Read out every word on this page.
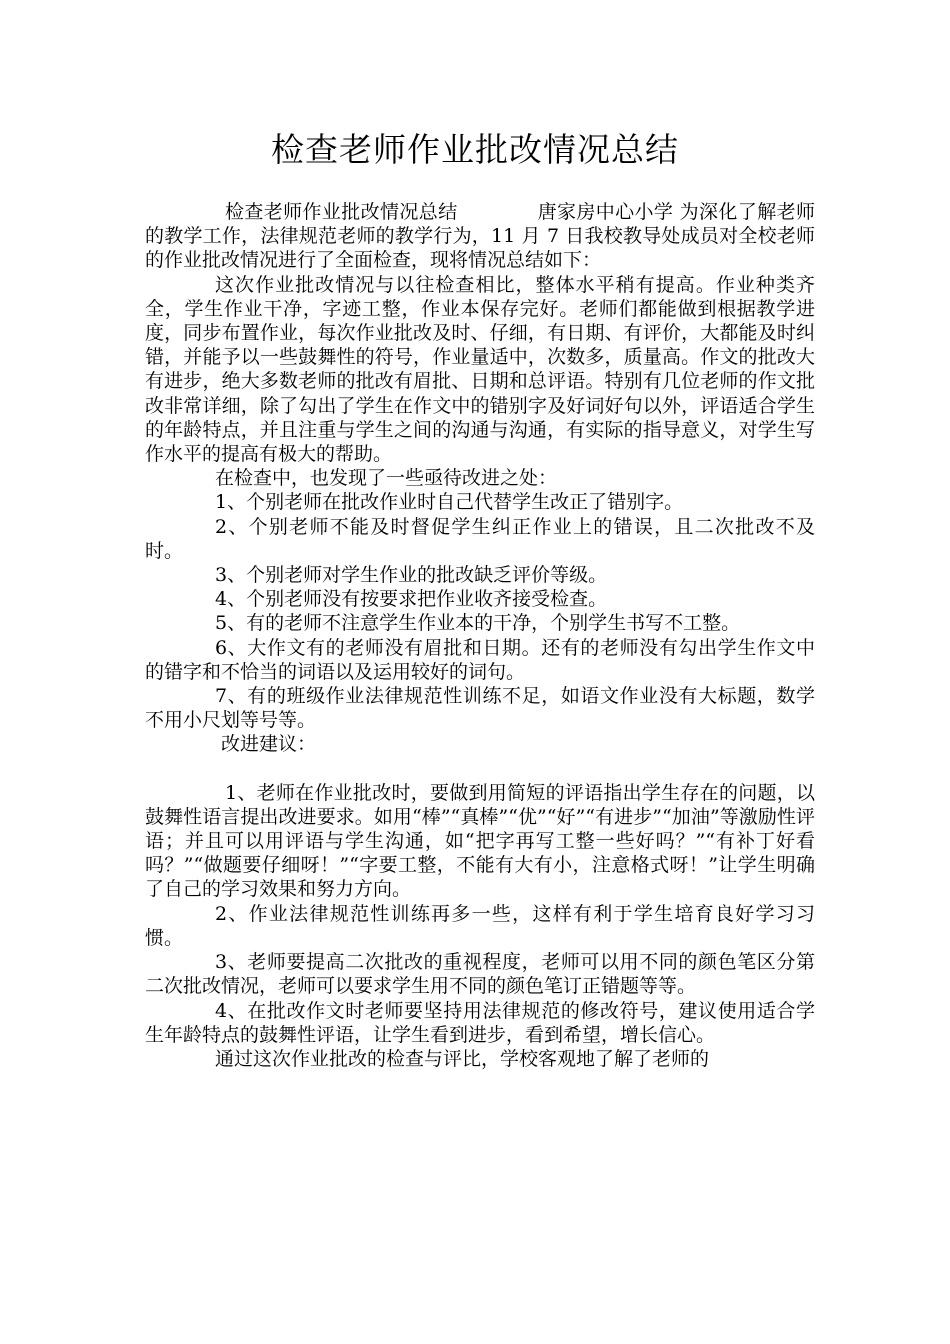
检查老师作业批改情况总结

检查老师作业批改情况总结	唐家房中心小学 为深化了解老师的教学工作，法律规范老师的教学行为，11 月 7 日我校教导处成员对全校老师的作业批改情况进行了全面检查，现将情况总结如下：

这次作业批改情况与以往检查相比，整体水平稍有提高。作业种类齐全，学生作业干净，字迹工整，作业本保存完好。老师们都能做到根据教学进度，同步布置作业，每次作业批改及时、仔细，有日期、有评价，大都能及时纠错，并能予以一些鼓舞性的符号，作业量适中，次数多，质量高。作文的批改大有进步，绝大多数老师的批改有眉批、日期和总评语。特别有几位老师的作文批改非常详细，除了勾出了学生在作文中的错别字及好词好句以外，评语适合学生的年龄特点，并且注重与学生之间的沟通与沟通，有实际的指导意义，对学生写作水平的提高有极大的帮助。

在检查中，也发现了一些亟待改进之处：

1、个别老师在批改作业时自己代替学生改正了错别字。

2、个别老师不能及时督促学生纠正作业上的错误，且二次批改不及时。

3、个别老师对学生作业的批改缺乏评价等级。

4、个别老师没有按要求把作业收齐接受检查。

5、有的老师不注意学生作业本的干净，个别学生书写不工整。

6、大作文有的老师没有眉批和日期。还有的老师没有勾出学生作文中的错字和不恰当的词语以及运用较好的词句。

7、有的班级作业法律规范性训练不足，如语文作业没有大标题，数学不用小尺划等号等。

改进建议：

1、老师在作业批改时，要做到用简短的评语指出学生存在的问题，以鼓舞性语言提出改进要求。如用“棒”“真棒”“优”“好”“有进步”“加油”等激励性评语；并且可以用评语与学生沟通，如“把字再写工整一些好吗？”“有补丁好看吗？”“做题要仔细呀！”“字要工整，不能有大有小，注意格式呀！”让学生明确了自己的学习效果和努力方向。

2、作业法律规范性训练再多一些，这样有利于学生培育良好学习习惯。

3、老师要提高二次批改的重视程度，老师可以用不同的颜色笔区分第二次批改情况，老师可以要求学生用不同的颜色笔订正错题等等。

4、在批改作文时老师要坚持用法律规范的修改符号，建议使用适合学生年龄特点的鼓舞性评语，让学生看到进步，看到希望，增长信心。

通过这次作业批改的检查与评比，学校客观地了解了老师的
